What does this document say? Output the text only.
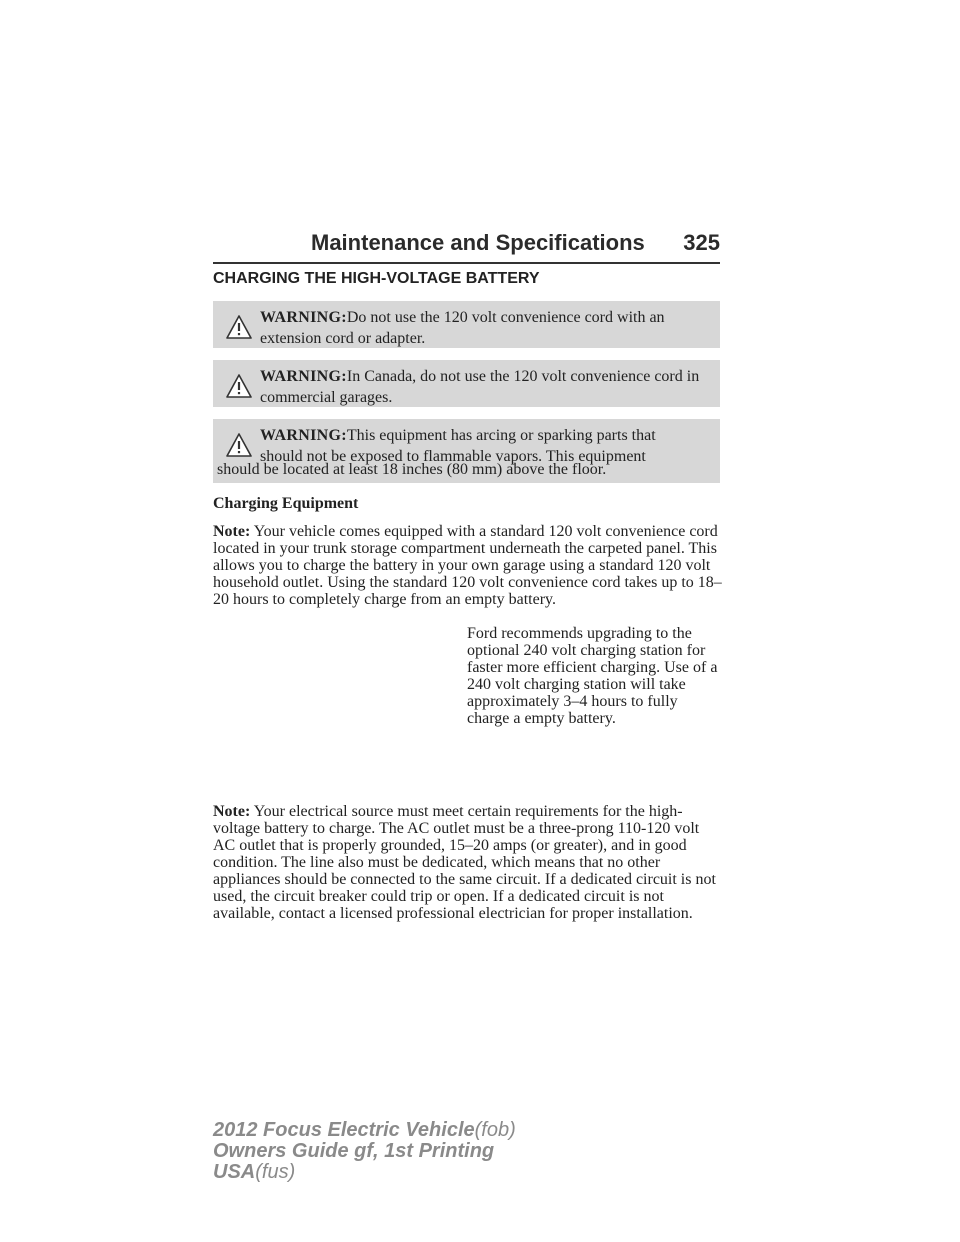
Maintenance and Specifications 325
CHARGING THE HIGH-VOLTAGE BATTERY
WARNING:Do not use the 120 volt convenience cord with an extension cord or adapter.
WARNING:In Canada, do not use the 120 volt convenience cord in commercial garages.
WARNING:This equipment has arcing or sparking parts that
should not be exposed to flammable vapors. This equipment
should be located at least 18 inches (80 mm) above the floor.
Charging Equipment
Note: Your vehicle comes equipped with a standard 120 volt convenience cord located in your trunk storage compartment underneath the carpeted panel. This allows you to charge the battery in your own garage using a standard 120 volt household outlet. Using the standard 120 volt convenience cord takes up to 18–20 hours to completely charge from an empty battery.
Ford recommends upgrading to the optional 240 volt charging station for faster more efficient charging. Use of a 240 volt charging station will take approximately 3–4 hours to fully charge a empty battery.
Note: Your electrical source must meet certain requirements for the high-voltage battery to charge. The AC outlet must be a three-prong 110-120 volt AC outlet that is properly grounded, 15–20 amps (or greater), and in good condition. The line also must be dedicated, which means that no other appliances should be connected to the same circuit. If a dedicated circuit is not used, the circuit breaker could trip or open. If a dedicated circuit is not available, contact a licensed professional electrician for proper installation.
2012 Focus Electric Vehicle(fob)
Owners Guide gf, 1st Printing
USA(fus)
